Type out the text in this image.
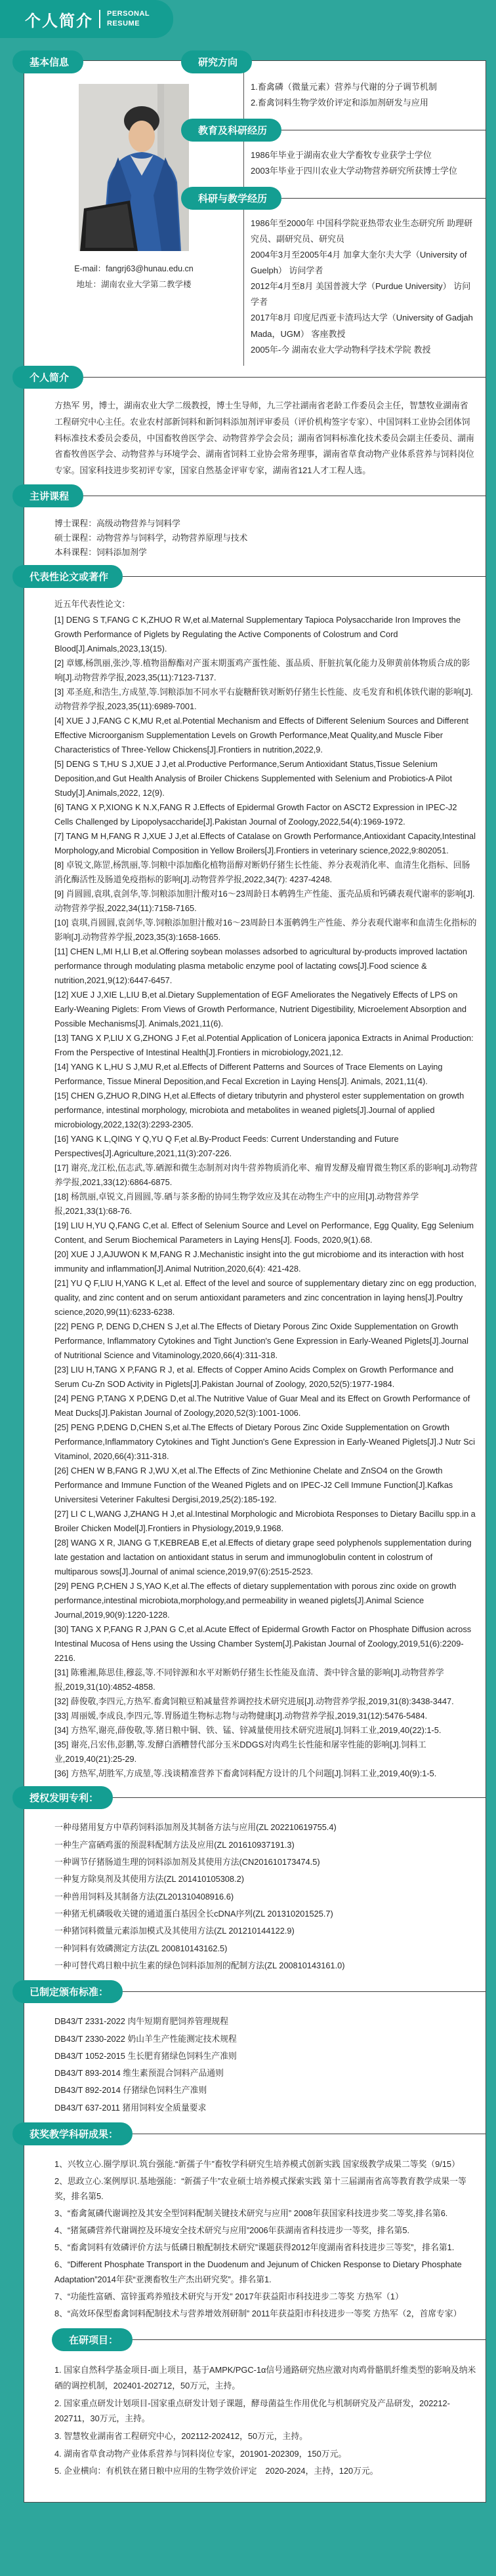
个人简介 PERSONAL
RESUME
基本信息
E-mail：fangrj63@hunau.edu.cn
地址：湖南农业大学第二教学楼
研究方向
1.畜禽磷（微量元素）营养与代谢的分子调节机制
2.畜禽饲料生物学效价评定和添加剂研发与应用
教育及科研经历
1986年毕业于湖南农业大学畜牧专业获学士学位
2003年毕业于四川农业大学动物营养研究所获博士学位
科研与教学经历
1986年至2000年 中国科学院亚热带农业生态研究所 助理研究员、副研究员、研究员
2004年3月至2005年4月 加拿大奎尔夫大学（University of Guelph） 访问学者
2012年4月至8月 美国普渡大学（Purdue University） 访问学者
2017年8月 印度尼西亚卡渣玛达大学（University of Gadjah Mada，UGM） 客座教授
2005年-今 湖南农业大学动物科学技术学院 教授
个人简介
方热军 男，博士，湖南农业大学二级教授，博士生导师，九三学社湖南省老龄工作委员会主任，智慧牧业湖南省工程研究中心主任。农业农村部新饲料和新饲料添加剂评审委员（评价机构签字专家）、中国饲料工业协会团体饲料标准技术委员会委员，中国畜牧兽医学会、动物营养学会会员；湖南省饲料标准化技术委员会副主任委员、湖南省畜牧兽医学会、动物营养与环境学会、湖南省饲料工业协会常务理事，湖南省草食动物产业体系营养与饲料岗位专家。国家科技进步奖初评专家，国家自然基金评审专家，湖南省121人才工程人选。
主讲课程
博士课程：高级动物营养与饲料学
硕士课程：动物营养与饲料学，动物营养原理与技术
本科课程：饲料添加剂学
代表性论文或著作
近五年代表性论文：
[1] DENG S T,FANG C K,ZHUO R W,et al.Maternal Supplementary Tapioca Polysaccharide Iron Improves the Growth Performance of Piglets by Regulating the Active Components of Colostrum and Cord Blood[J].Animals,2023,13(15).
[2] 章娜,杨凯丽,张沙,等.植物甾醇酯对产蛋末期蛋鸡产蛋性能、蛋品质、肝脏抗氧化能力及卵黄前体物质合成的影响[J].动物营养学报,2023,35(11):7123-7137.
[3] 邓圣庭,和浩生,方成堃,等.饲粮添加不同水平右旋糖酐铁对断奶仔猪生长性能、皮毛发育和机体铁代谢的影响[J].动物营养学报,2023,35(11):6989-7001.
[4] XUE J J,FANG C K,MU R,et al.Potential Mechanism and Effects of Different Selenium Sources and Different Effective Microorganism Supplementation Levels on Growth Performance,Meat Quality,and Muscle Fiber Characteristics of Three-Yellow Chickens[J].Frontiers in nutrition,2022,9.
[5] DENG S T,HU S J,XUE J J,et al.Productive Performance,Serum Antioxidant Status,Tissue Selenium Deposition,and Gut Health Analysis of Broiler Chickens Supplemented with Selenium and Probiotics-A Pilot Study[J].Animals,2022, 12(9).
[6] TANG X P,XIONG K N.X,FANG R J.Effects of Epidermal Growth Factor on ASCT2 Expression in IPEC-J2 Cells Challenged by Lipopolysaccharide[J].Pakistan Journal of Zoology,2022,54(4):1969-1972.
[7] TANG M H,FANG R J,XUE J J,et al.Effects of Catalase on Growth Performance,Antioxidant Capacity,Intestinal Morphology,and Microbial Composition in Yellow Broilers[J].Frontiers in veterinary science,2022,9:802051.
[8] 卓锐文,陈罡,杨凯丽,等.饲粮中添加酯化植物甾醇对断奶仔猪生长性能、养分表观消化率、血清生化指标、回肠消化酶活性及肠道免疫指标的影响[J].动物营养学报,2022,34(7): 4237-4248.
[9] 肖圆圆,袁琪,袁剑华,等.饲粮添加胆汁酸对16～23周龄日本鹌鹑生产性能、蛋壳品质和钙磷表观代谢率的影响[J].动物营养学报,2022,34(11):7158-7165.
[10] 袁琪,肖圆圆,袁剑华,等.饲粮添加胆汁酸对16～23周龄日本蛋鹌鹑生产性能、养分表观代谢率和血清生化指标的影响[J].动物营养学报,2023,35(3):1658-1665.
[11] CHEN L,MI H,LI B,et al.Offering soybean molasses adsorbed to agricultural by-products improved lactation performance through modulating plasma metabolic enzyme pool of lactating cows[J].Food science & nutrition,2021,9(12):6447-6457.
[12] XUE J J,XIE L,LIU B,et al.Dietary Supplementation of EGF Ameliorates the Negatively Effects of LPS on Early-Weaning Piglets: From Views of Growth Performance, Nutrient Digestibility, Microelement Absorption and Possible Mechanisms[J]. Animals,2021,11(6).
[13] TANG X P,LIU X G,ZHONG J F,et al.Potential Application of Lonicera japonica Extracts in Animal Production: From the Perspective of Intestinal Health[J].Frontiers in microbiology,2021,12.
[14] YANG K L,HU S J,MU R,et al.Effects of Different Patterns and Sources of Trace Elements on Laying Performance, Tissue Mineral Deposition,and Fecal Excretion in Laying Hens[J]. Animals, 2021,11(4).
[15] CHEN G,ZHUO R,DING H,et al.Effects of dietary tributyrin and physterol ester supplementation on growth performance, intestinal morphology, microbiota and metabolites in weaned piglets[J].Journal of applied microbiology,2022,132(3):2293-2305.
[16] YANG K L,QING Y Q,YU Q F,et al.By-Product Feeds: Current Understanding and Future Perspectives[J].Agriculture,2021,11(3):207-226.
[17] 谢亮,龙江松,伍志武,等.硒源和微生态制剂对肉牛营养物质消化率、瘤胃发酵及瘤胃微生物区系的影响[J].动物营养学报,2021,33(12):6864-6875.
[18] 杨凯丽,卓锐文,肖圆圆,等.硒与茶多酚的协同生物学效应及其在动物生产中的应用[J].动物营养学报,2021,33(1):68-76.
[19] LIU H,YU Q,FANG C,et al. Effect of Selenium Source and Level on Performance, Egg Quality, Egg Selenium Content, and Serum Biochemical Parameters in Laying Hens[J]. Foods, 2020,9(1).68.
[20] XUE J J,AJUWON K M,FANG R J.Mechanistic insight into the gut microbiome and its interaction with host immunity and inflammation[J].Animal Nutrition,2020,6(4): 421-428.
[21] YU Q F,LIU H,YANG K L,et al. Effect of the level and source of supplementary dietary zinc on egg production, quality, and zinc content and on serum antioxidant parameters and zinc concentration in laying hens[J].Poultry science,2020,99(11):6233-6238.
[22] PENG P, DENG D,CHEN S J,et al.The Effects of Dietary Porous Zinc Oxide Supplementation on Growth Performance, Inflammatory Cytokines and Tight Junction's Gene Expression in Early-Weaned Piglets[J].Journal of Nutritional Science and Vitaminology,2020,66(4):311-318.
[23] LIU H,TANG X P,FANG R J, et al. Effects of Copper Amino Acids Complex on Growth Performance and Serum Cu-Zn SOD Activity in Piglets[J].Pakistan Journal of Zoology, 2020,52(5):1977-1984.
[24] PENG P,TANG X P,DENG D,et al.The Nutritive Value of Guar Meal and its Effect on Growth Performance of Meat Ducks[J].Pakistan Journal of Zoology,2020,52(3):1001-1006.
[25] PENG P,DENG D,CHEN S,et al.The Effects of Dietary Porous Zinc Oxide Supplementation on Growth Performance,Inflammatory Cytokines and Tight Junction's Gene Expression in Early-Weaned Piglets[J].J Nutr Sci Vitaminol, 2020,66(4):311-318.
[26] CHEN W B,FANG R J,WU X,et al.The Effects of Zinc Methionine Chelate and ZnSO4 on the Growth Performance and Immune Function of the Weaned Piglets and on IPEC-J2 Cell Immune Function[J].Kafkas Universitesi Veteriner Fakultesi Dergisi,2019,25(2):185-192.
[27] LI C L,WANG J,ZHANG H J,et al.Intestinal Morphologic and Microbiota Responses to Dietary Bacillu spp.in a Broiler Chicken Model[J].Frontiers in Physiology,2019,9.1968.
[28] WANG X R, JIANG G T,KEBREAB E,et al.Effects of dietary grape seed polyphenols supplementation during late gestation and lactation on antioxidant status in serum and immunoglobulin content in colostrum of multiparous sows[J].Journal of animal science,2019,97(6):2515-2523.
[29] PENG P,CHEN J S,YAO K,et al.The effects of dietary supplementation with porous zinc oxide on growth performance,intestinal microbiota,morphology,and permeability in weaned piglets[J].Animal Science Journal,2019,90(9):1220-1228.
[30] TANG X P,FANG R J,PAN G C,et al.Acute Effect of Epidermal Growth Factor on Phosphate Diffusion across Intestinal Mucosa of Hens using the Ussing Chamber System[J].Pakistan Journal of Zoology,2019,51(6):2209-2216.
[31] 陈雅湘,陈思佳,穆蕊,等.不同锌源和水平对断奶仔猪生长性能及血清、粪中锌含量的影响[J].动物营养学报,2019,31(10):4852-4858.
[32] 薛俊敬,李四元,方热军.畜禽饲粮豆粕减量营养调控技术研究进展[J].动物营养学报,2019,31(8):3438-3447.
[33] 周丽媛,李成良,李四元,等.胃肠道生物标志物与动物健康[J].动物营养学报,2019,31(12):5476-5484.
[34] 方热军,谢亮,薛俊敬,等.猪日粮中铜、铁、锰、锌减量使用技术研究进展[J].饲料工业,2019,40(22):1-5.
[35] 谢亮,吕宏伟,彭鹏,等.发酵白酒糟替代部分玉米DDGS对肉鸡生长性能和屠宰性能的影响[J].饲料工业,2019,40(21):25-29.
[36] 方热军,胡胜军,方成堃,等.浅谈精准营养下畜禽饲料配方设计的几个问题[J].饲料工业,2019,40(9):1-5.
授权发明专利：
一种母猪用复方中草药饲料添加剂及其制备方法与应用(ZL 202210619755.4)
一种生产富硒鸡蛋的预混料配制方法及应用(ZL 201610937191.3)
一种调节仔猪肠道生理的饲料添加剂及其使用方法(CN201610173474.5)
一种复方除臭剂及其使用方法(ZL 201410105308.2)
一种兽用饲料及其制备方法(ZL201310408916.6)
一种猪无机磷吸收关键的通道蛋白基因全长cDNA序列(ZL 201310201525.7)
一种猪饲料微量元素添加模式及其使用方法(ZL 201210144122.9)
一种饲料有效磷测定方法(ZL 200810143162.5)
一种可替代鸡日粮中抗生素的绿色饲料添加剂的配制方法(ZL 200810143161.0)
已制定颁布标准：
DB43/T 2331-2022 肉牛短期育肥饲养管理规程
DB43/T 2330-2022 奶山羊生产性能测定技术规程
DB43/T 1052-2015 生长肥育猪绿色饲料生产准则
DB43/T 893-2014 维生素预混合饲料产品通则
DB43/T 892-2014 仔猪绿色饲料生产准则
DB43/T 637-2011 猪用饲料安全质量要求
获奖教学科研成果：
1、兴牧立心.圈学厚识.筑台强能.“新孺子牛”畜牧学科研究生培养模式创新实践 国家级教学成果二等奖（9/15）
2、思政立心.案例厚识.基地强能：“新孺子牛”农业硕士培养模式探索实践 第十三届湖南省高等教育教学成果一等奖，排名第5.
3、“畜禽氮磷代谢调控及其安全型饲料配制关键技术研究与应用” 2008年获国家科技进步奖二等奖,排名第6.
4、“猪氮磷营养代谢调控及环境安全技术研究与应用”2006年获湖南省科技进步一等奖，排名第5.
5、“畜禽饲料有效磷评价方法与低磷日粮配制技术研究”课题获得2012年度湖南省科技进步三等奖”，排名第1.
6、“Different Phosphate Transport in the Duodenum and Jejunum of Chicken Response to Dietary Phosphate Adaptation”2014年获“亚澳畜牧生产杰出研究奖”。排名第1.
7、“功能性富硒、富锌蛋鸡养殖技术研究与开发” 2017年获益阳市科技进步二等奖 方热军（1）
8、“高效环保型畜禽饲料配制技术与营养增效剂研制” 2011年获益阳市科技进步一等奖 方热军（2，首席专家）
在研项目：
1. 国家自然科学基金项目-面上项目，基于AMPK/PGC-1α信号通路研究热应激对肉鸡骨骼肌纤维类型的影响及纳米硒的调控机制，202401-202712，50万元，主持。
2. 国家重点研发计划项目-国家重点研发计划子课题，酵母菌益生作用优化与机制研究及产品研发，202212-202711，30万元，主持。
3. 智慧牧业湖南省工程研究中心，202112-202412，50万元，主持。
4. 湖南省草食动物产业体系营养与饲料岗位专家，201901-202309，150万元。
5. 企业横向：有机铁在猪日粮中应用的生物学效价评定　2020-2024，主持，120万元。
